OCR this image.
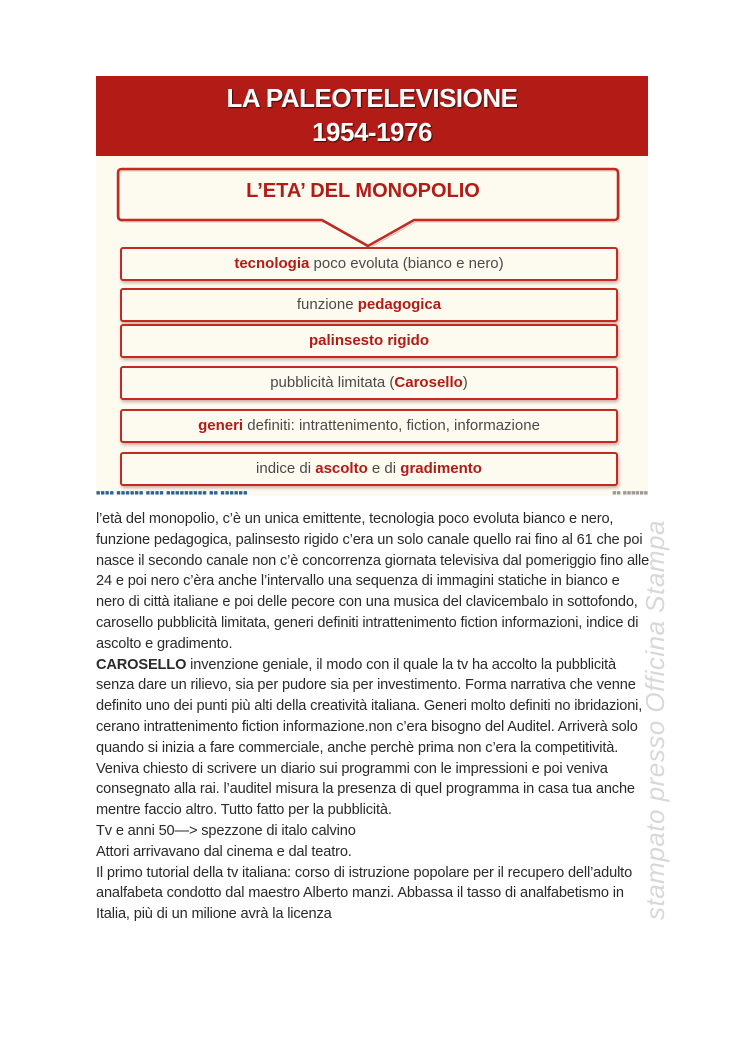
LA PALEOTELEVISIONE
1954-1976
L’ETA’ DEL MONOPOLIO
tecnologia poco evoluta (bianco e nero)
funzione pedagogica
palinsesto rigido
pubblicità limitata (Carosello)
generi definiti: intrattenimento, fiction, informazione
indice di ascolto e di gradimento
■■■■ ■■■■■■ ■■■■ ■■■■■■■■■ ■■ ■■■■■■	■■ ■■■■■■

l’età del monopolio, c’è un unica emittente, tecnologia poco evoluta bianco e nero, funzione pedagogica, palinsesto rigido c’era un solo canale quello rai fino al 61 che poi nasce il secondo canale non c’è concorrenza giornata televisiva dal pomeriggio fino alle 24 e poi nero c’èra anche l’intervallo una sequenza di immagini statiche in bianco e nero di città italiane e poi delle pecore con una musica del clavicembalo in sottofondo, carosello pubblicità limitata, generi definiti intrattenimento fiction informazioni, indice di ascolto e gradimento.

CAROSELLO invenzione geniale, il modo con il quale la tv ha accolto la pubblicità senza dare un rilievo, sia per pudore sia per investimento. Forma narrativa che venne definito uno dei punti più alti della creatività italiana. Generi molto definiti no ibridazioni, cerano intrattenimento fiction informazione.non c’era bisogno del Auditel. Arriverà solo quando si inizia a fare commerciale, anche perchè prima non c’era la competitività. Veniva chiesto di scrivere un diario sui programmi con le impressioni e poi veniva consegnato alla rai. l’auditel misura la presenza di quel programma in casa tua anche mentre faccio altro. Tutto fatto per la pubblicità.

Tv e anni 50—> spezzone di italo calvino

Attori arrivavano dal cinema e dal teatro.

Il primo tutorial della tv italiana: corso di istruzione popolare per il recupero dell’adulto analfabeta condotto dal maestro Alberto manzi. Abbassa il tasso di analfabetismo in Italia, più di un milione avrà la licenza	stampato presso Officina Stampa
